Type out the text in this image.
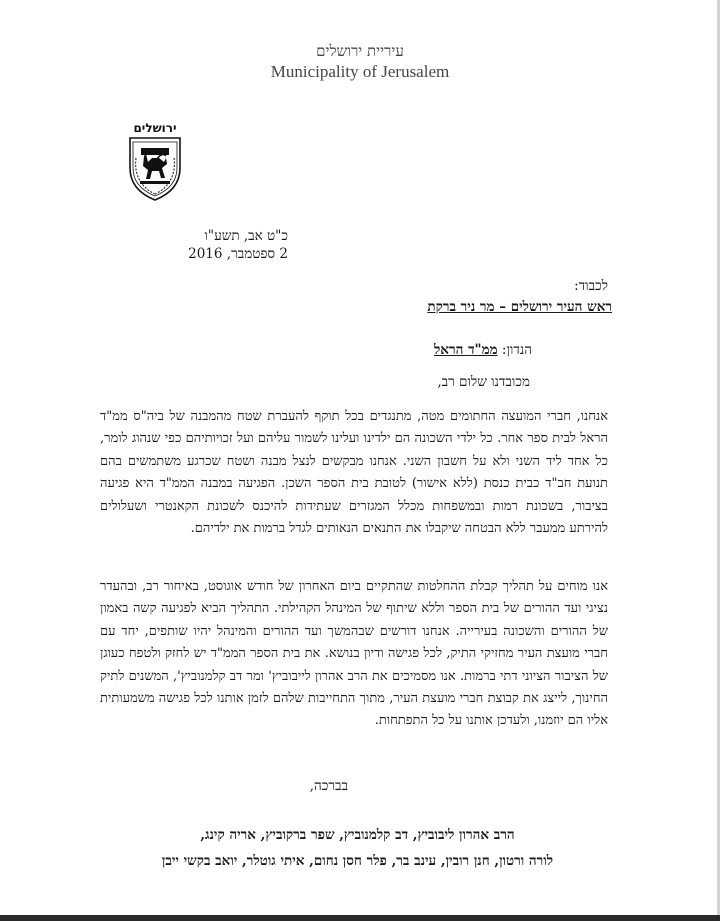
עיריית ירושלים
Municipality of Jerusalem
ירושלים
כ"ט אב, תשע"ו
2 ספטמבר, 2016
לכבוד:
ראש העיר ירושלים – מר ניר ברקת
הנדון: ממ"ד הראל
מכובדנו שלום רב,
אנחנו, חברי המועצה החתומים מטה, מתנגדים בכל תוקף להעברת שטח מהמבנה של ביה"ס ממ"ד הראל לבית ספר אחר. כל ילדי השכונה הם ילדינו ועלינו לשמור עליהם ועל זכויותיהם כפי שנהוג לומר, כל אחד ליד השני ולא על חשבון השני. אנחנו מבקשים לנצל מבנה ושטח שכרגע משתמשים בהם תנועת חב"ד כבית כנסת (ללא אישור) לטובת בית הספר השכן. הפגיעה במבנה הממ"ד היא פגיעה בציבור, בשכונת רמות ובמשפחות מכלל המגזרים שעתידות להיכנס לשכונת הקאנטרי ושעלולים להירתע ממעבר ללא הבטחה שיקבלו את התנאים הנאותים לגדל ברמות את ילדיהם.
אנו מוחים על תהליך קבלת ההחלטות שהתקיים ביום האחרון של חודש אוגוסט, באיחור רב, ובהעדר נציגי ועד ההורים של בית הספר וללא שיתוף של המינהל הקהילתי. התהליך הביא לפגיעה קשה באמון של ההורים והשכונה בעירייה. אנחנו דורשים שבהמשך ועד ההורים והמינהל יהיו שותפים, יחד עם חברי מועצת העיר מחזיקי התיק, לכל פגישה ודיון בנושא. את בית הספר הממ"ד יש לחזק ולטפח כעוגן של הציבור הציוני דתי ברמות. אנו מסמיכים את הרב אהרון לייבוביץ' ומר דב קלמנוביץ', המשנים לתיק החינוך, לייצג את קבוצת חברי מועצת העיר, מתוך התחייבות שלהם לזמן אותנו לכל פגישה משמעותית אליו הם יוזמנו, ולעדכן אותנו על כל התפתחות.
בברכה,
הרב אהרון ליבוביץ, דב קלמנוביץ, שפר ברקוביץ, אריה קינג,
לורה ורטון, חנן רובין, עינב בר, פלר חסן נחום, איתי גוטלר, יואב בקשי ייבן
